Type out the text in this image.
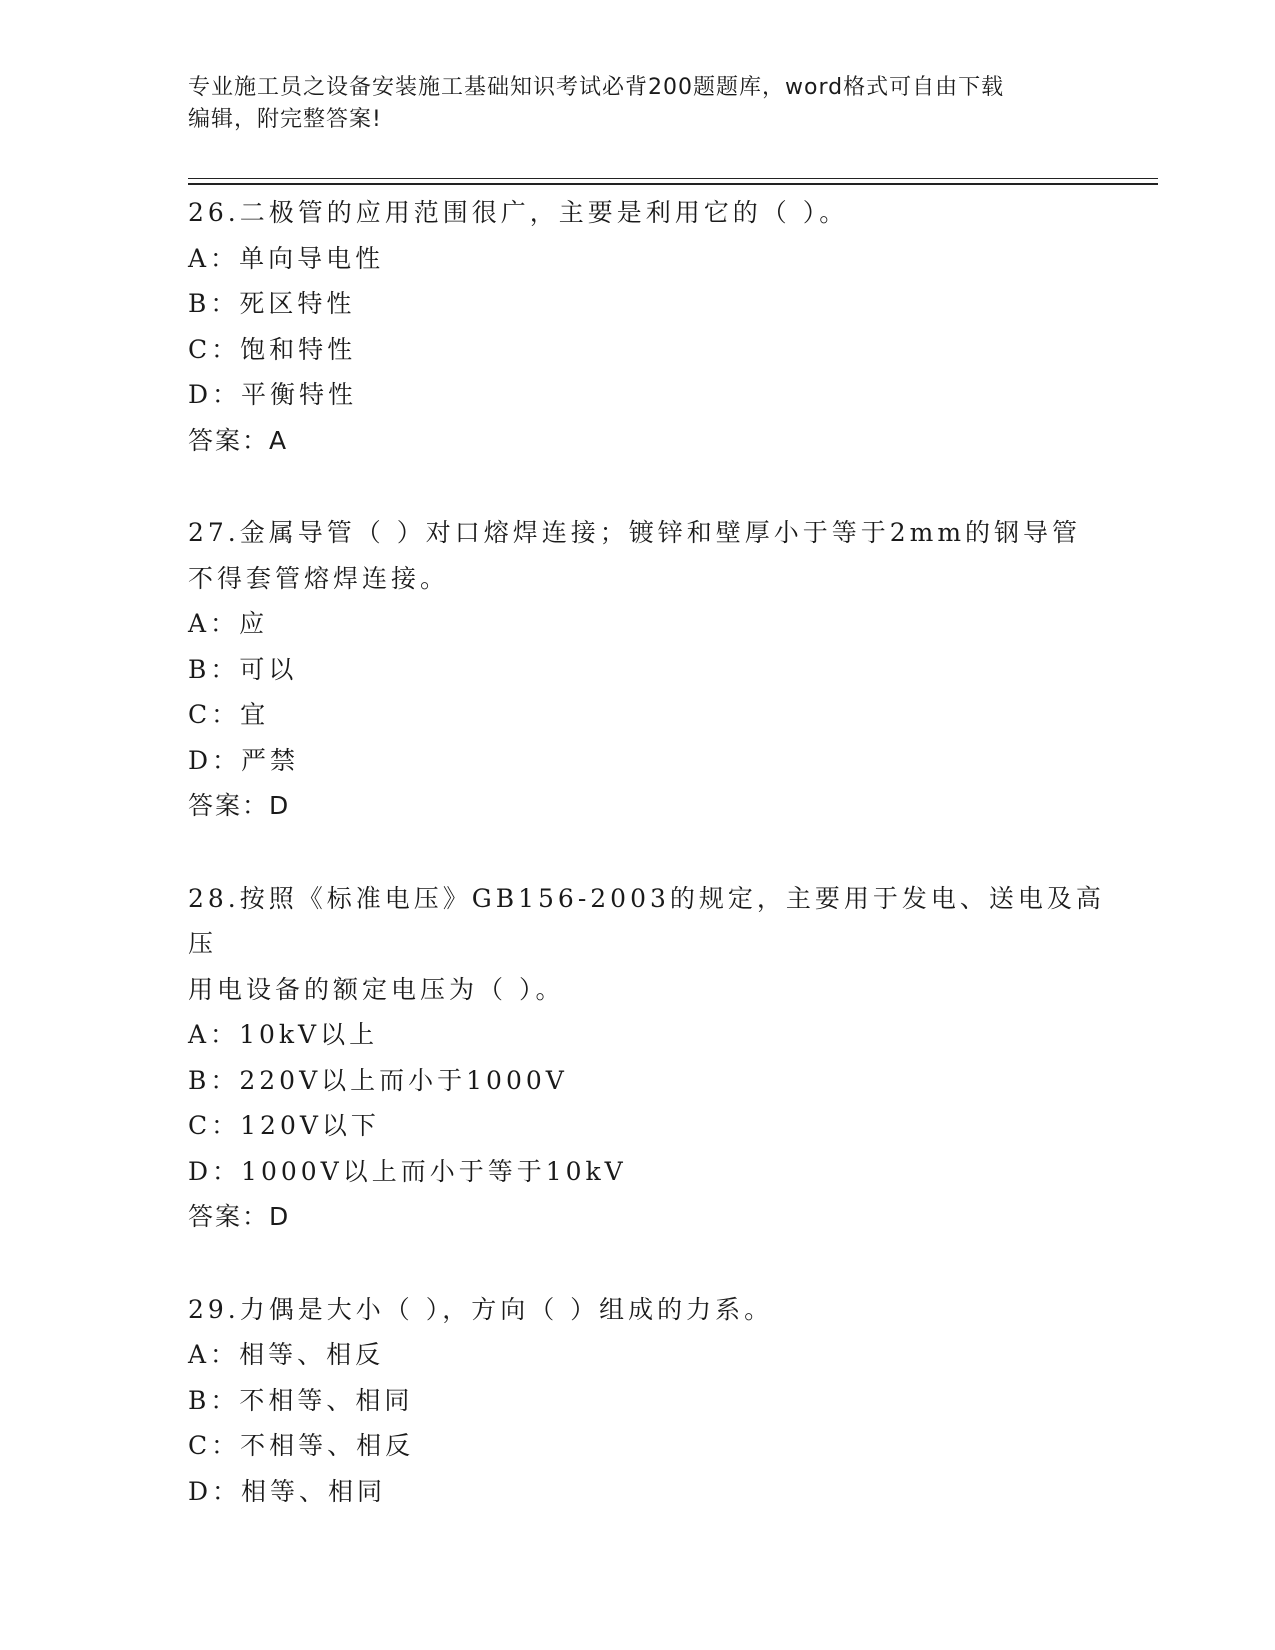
专业施工员之设备安装施工基础知识考试必背200题题库，word格式可自由下载
编辑，附完整答案!

26.二极管的应用范围很广，主要是利用它的（ ）。

A：单向导电性

B：死区特性

C：饱和特性

D：平衡特性

答案：A

27.金属导管（ ）对口熔焊连接；镀锌和壁厚小于等于2mm的钢导管

不得套管熔焊连接。

A：应

B：可以

C：宜

D：严禁

答案：D

28.按照《标准电压》GB156-2003的规定，主要用于发电、送电及高压

用电设备的额定电压为（ ）。

A：10kV以上

B：220V以上而小于1000V

C：120V以下

D：1000V以上而小于等于10kV

答案：D

29.力偶是大小（ ），方向（ ）组成的力系。

A：相等、相反

B：不相等、相同

C：不相等、相反

D：相等、相同
